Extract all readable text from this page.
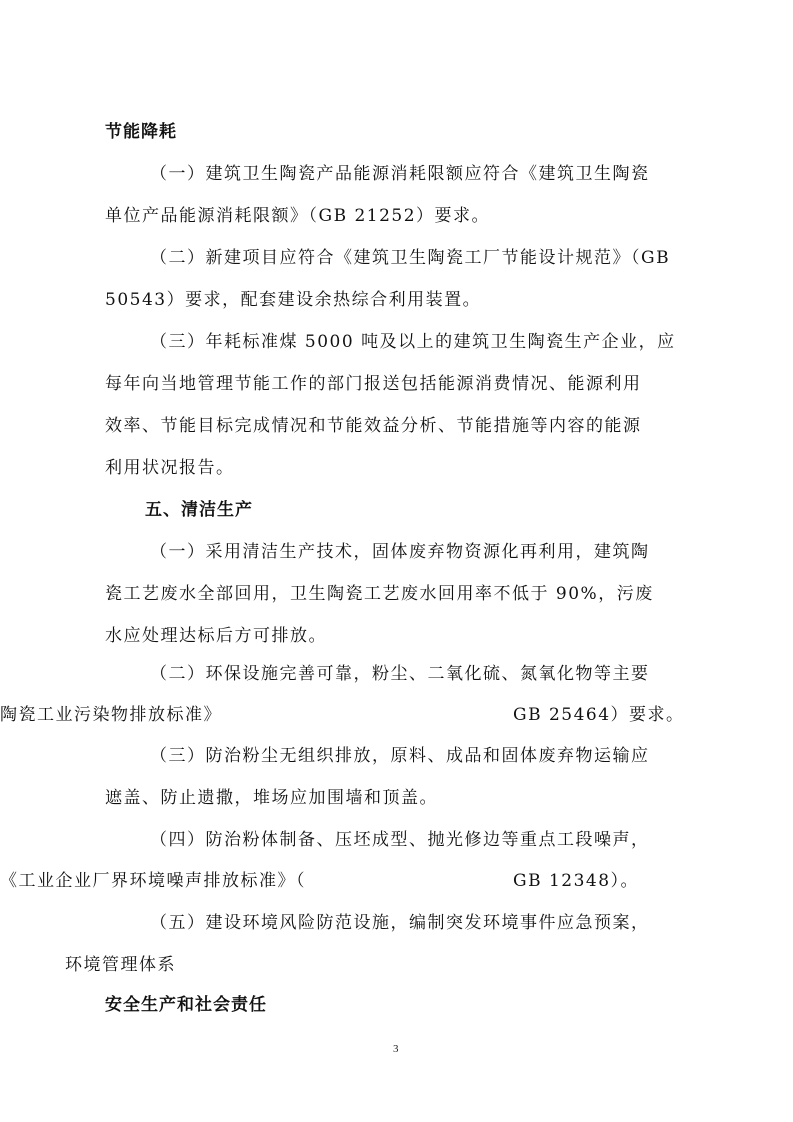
节能降耗
（一）建筑卫生陶瓷产品能源消耗限额应符合《建筑卫生陶瓷
单位产品能源消耗限额》（GB 21252）要求。
（二）新建项目应符合《建筑卫生陶瓷工厂节能设计规范》（GB
50543）要求，配套建设余热综合利用装置。
（三）年耗标准煤 5000 吨及以上的建筑卫生陶瓷生产企业，应
每年向当地管理节能工作的部门报送包括能源消费情况、能源利用
效率、节能目标完成情况和节能效益分析、节能措施等内容的能源
利用状况报告。
五、清洁生产
（一）采用清洁生产技术，固体废弃物资源化再利用，建筑陶
瓷工艺废水全部回用，卫生陶瓷工艺废水回用率不低于 90%，污废
水应处理达标后方可排放。
（二）环保设施完善可靠，粉尘、二氧化硫、氮氧化物等主要
陶瓷工业污染物排放标准》	GB 25464）要求。
（三）防治粉尘无组织排放，原料、成品和固体废弃物运输应
遮盖、防止遗撒，堆场应加围墙和顶盖。
（四）防治粉体制备、压坯成型、抛光修边等重点工段噪声，
《工业企业厂界环境噪声排放标准》（	GB 12348）。
（五）建设环境风险防范设施，编制突发环境事件应急预案，
环境管理体系
安全生产和社会责任
3
